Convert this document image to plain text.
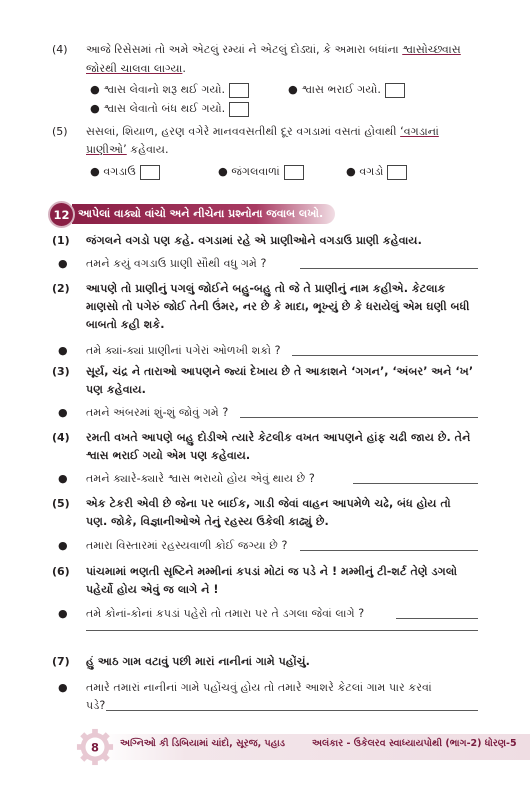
(4) આજે રિસેસમાં તો અમે એટલું રમ્યાં ને એટલું દોડ્યાં, કે અમારા બધાંના શ્વાસોચ્છ્વાસ
જોરથી ચાલવા લાગ્યા.
● શ્વાસ લેવાનો શરૂ થઈ ગયો.	● શ્વાસ ભરાઈ ગયો.
● શ્વાસ લેવાતો બંધ થઈ ગયો.
(5) સસલાં, શિયાળ, હરણ વગેરે માનવવસતીથી દૂર વગડામાં વસતાં હોવાથી ‘વગડાનાં
પ્રાણીઓ’ કહેવાય.
● વગડાઉ	● જંગલવાળાં	● વગડો
આપેલાં વાક્યો વાંચો અને નીચેના પ્રશ્નોના જવાબ લખો.
12
(1) જંગલને વગડો પણ કહે. વગડામાં રહે એ પ્રાણીઓને વગડાઉ પ્રાણી કહેવાય.
● તમને કયું વગડાઉ પ્રાણી સૌથી વધુ ગમે ?
(2) આપણે તો પ્રાણીનું પગલું જોઈને બહુ-બહુ તો જે તે પ્રાણીનું નામ કહીએ. કેટલાક
માણસો તો પગેરું જોઈ તેની ઉંમર, નર છે કે માદા, ભૂખ્યું છે કે ધરાયેલું એમ ઘણી બધી
બાબતો કહી શકે.
● તમે ક્યાં-ક્યાં પ્રાણીનાં પગેરાં ઓળખી શકો ?
(3) સૂર્ય, ચંદ્ર ને તારાઓ આપણને જ્યાં દેખાય છે તે આકાશને ‘ગગન’, ‘અંબર’ અને ‘ખ’
પણ કહેવાય.
● તમને અંબરમાં શું-શું જોવું ગમે ?
(4) રમતી વખતે આપણે બહુ દોડીએ ત્યારે કેટલીક વખત આપણને હાંફ ચઢી જાય છે. તેને
શ્વાસ ભરાઈ ગયો એમ પણ કહેવાય.
● તમને ક્યારે-ક્યારે શ્વાસ ભરાયો હોય એવું થાય છે ?
(5) એક ટેકરી એવી છે જેના પર બાઈક, ગાડી જેવાં વાહન આપમેળે ચઢે, બંધ હોય તો
પણ. જોકે, વિજ્ઞાનીઓએ તેનું રહસ્ય ઉકેલી કાઢ્યું છે.
● તમારા વિસ્તારમાં રહસ્યવાળી કોઈ જગ્યા છે ?
(6) પાંચમામાં ભણતી સૃષ્ટિને મમ્મીનાં કપડાં મોટાં જ પડે ને ! મમ્મીનું ટી-શર્ટ તેણે ડગલો
પહેર્યો હોય એવું જ લાગે ને !
● તમે કોનાં-કોનાં કપડાં પહેરો તો તમારા પર તે ડગલા જેવાં લાગે ?
(7) હું આઠ ગામ વટાવું પછી મારાં નાનીનાં ગામે પહોંચું.
● તમારે તમારાં નાનીનાં ગામે પહોંચવું હોય તો તમારે આશરે કેટલાં ગામ પાર કરવાં
પડે?
8 અગ્નિઓ કી ડિબિયામાં ચાંદો, સૂરજ, પહાડ	અલંકાર - ઉકેલરવ સ્વાધ્યાયપોથી (ભાગ-2) ધોરણ-5
